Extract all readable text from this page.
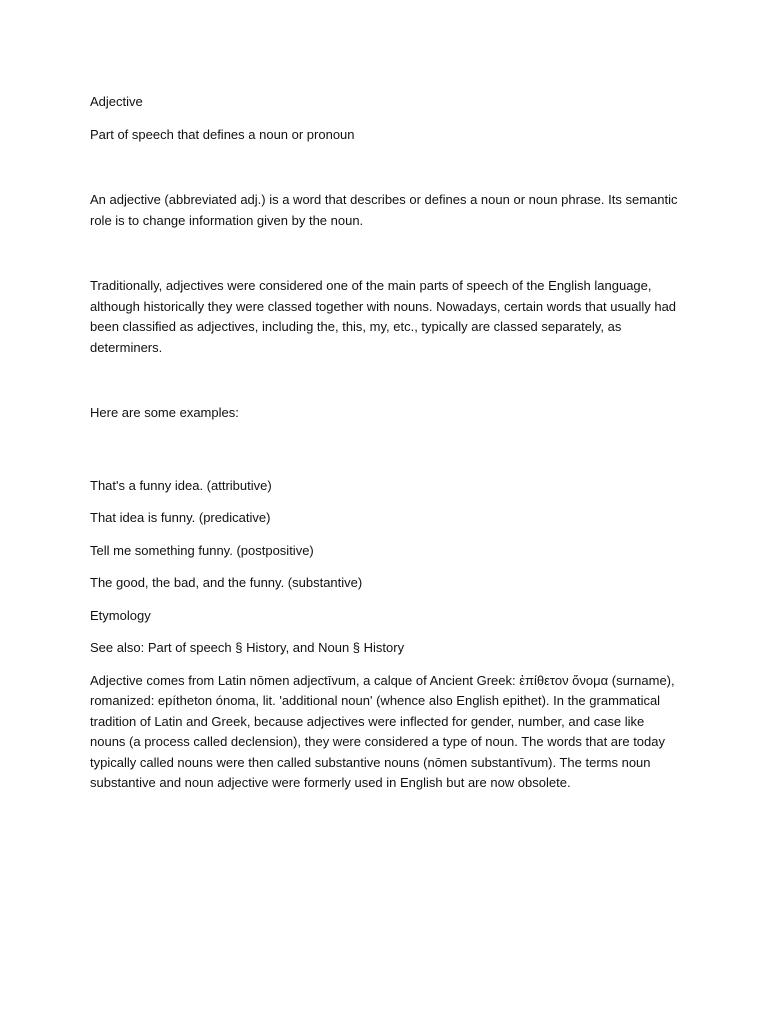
Adjective

Part of speech that defines a noun or pronoun

An adjective (abbreviated adj.) is a word that describes or defines a noun or noun phrase. Its semantic role is to change information given by the noun.

Traditionally, adjectives were considered one of the main parts of speech of the English language, although historically they were classed together with nouns. Nowadays, certain words that usually had been classified as adjectives, including the, this, my, etc., typically are classed separately, as determiners.

Here are some examples:

That's a funny idea. (attributive)

That idea is funny. (predicative)

Tell me something funny. (postpositive)

The good, the bad, and the funny. (substantive)

Etymology

See also: Part of speech § History, and Noun § History

Adjective comes from Latin nōmen adjectīvum, a calque of Ancient Greek: ἐπίθετον ὄνομα (surname), romanized: epítheton ónoma, lit. 'additional noun' (whence also English epithet). In the grammatical tradition of Latin and Greek, because adjectives were inflected for gender, number, and case like nouns (a process called declension), they were considered a type of noun. The words that are today typically called nouns were then called substantive nouns (nōmen substantīvum). The terms noun substantive and noun adjective were formerly used in English but are now obsolete.
